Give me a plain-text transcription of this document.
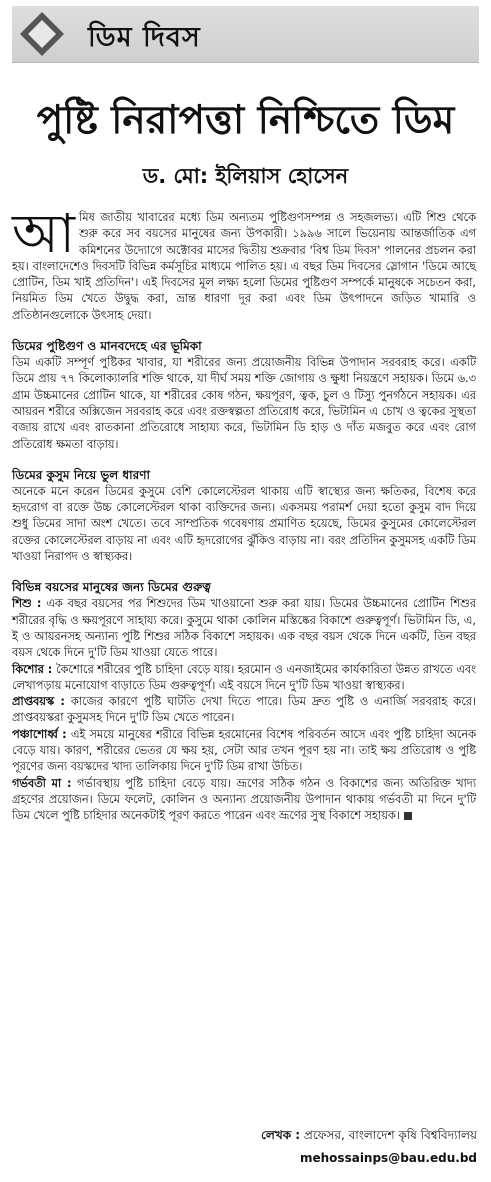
ডিম দিবস
পুষ্টি নিরাপত্তা নিশ্চিতে ডিম
ড. মো: ইলিয়াস হোসেন

আমিষ জাতীয় খাবারের মধ্যে ডিম অন্যতম পুষ্টিগুণসম্পন্ন ও সহজলভ্য। এটি শিশু থেকে শুরু করে সব বয়সের মানুষের জন্য উপকারী। ১৯৯৬ সালে ভিয়েনায় আন্তর্জাতিক এগ কমিশনের উদ্যোগে অক্টোবর মাসের দ্বিতীয় শুক্রবার 'বিশ্ব ডিম দিবস' পালনের প্রচলন করা হয়। বাংলাদেশেও দিবসটি বিভিন্ন কর্মসূচির মাধ্যমে পালিত হয়। এ বছর ডিম দিবসের স্লোগান 'ডিমে আছে প্রোটিন, ডিম খাই প্রতিদিন'। এই দিবসের মূল লক্ষ্য হলো ডিমের পুষ্টিগুণ সম্পর্কে মানুষকে সচেতন করা, নিয়মিত ডিম খেতে উদ্বুদ্ধ করা, ভ্রান্ত ধারণা দূর করা এবং ডিম উৎপাদনে জড়িত খামারি ও প্রতিষ্ঠানগুলোকে উৎসাহ দেয়া।

ডিমের পুষ্টিগুণ ও মানবদেহে এর ভূমিকা

ডিম একটি সম্পূর্ণ পুষ্টিকর খাবার, যা শরীরের জন্য প্রয়োজনীয় বিভিন্ন উপাদান সরবরাহ করে। একটি ডিমে প্রায় ৭৭ কিলোক্যালরি শক্তি থাকে, যা দীর্ঘ সময় শক্তি জোগায় ও ক্ষুধা নিয়ন্ত্রণে সহায়ক। ডিমে ৬.৩ গ্রাম উচ্চমানের প্রোটিন থাকে, যা শরীরের কোষ গঠন, ক্ষয়পূরণ, ত্বক, চুল ও টিস্যু পুনর্গঠনে সহায়ক। এর আয়রন শরীরে অক্সিজেন সরবরাহ করে এবং রক্তস্বল্পতা প্রতিরোধ করে, ভিটামিন এ চোখ ও ত্বকের সুস্থতা বজায় রাখে এবং রাতকানা প্রতিরোধে সাহায্য করে, ভিটামিন ডি হাড় ও দাঁত মজবুত করে এবং রোগ প্রতিরোধ ক্ষমতা বাড়ায়।

ডিমের কুসুম নিয়ে ভুল ধারণা

অনেকে মনে করেন ডিমের কুসুমে বেশি কোলেস্টেরল থাকায় এটি স্বাস্থ্যের জন্য ক্ষতিকর, বিশেষ করে হৃদরোগ বা রক্তে উচ্চ কোলেস্টেরল থাকা ব্যক্তিদের জন্য। একসময় পরামর্শ দেয়া হতো কুসুম বাদ দিয়ে শুধু ডিমের সাদা অংশ খেতে। তবে সাম্প্রতিক গবেষণায় প্রমাণিত হয়েছে, ডিমের কুসুমের কোলেস্টেরল রক্তের কোলেস্টেরল বাড়ায় না এবং এটি হৃদরোগের ঝুঁকিও বাড়ায় না। বরং প্রতিদিন কুসুমসহ একটি ডিম খাওয়া নিরাপদ ও স্বাস্থ্যকর।

বিভিন্ন বয়সের মানুষের জন্য ডিমের গুরুত্ব

শিশু : এক বছর বয়সের পর শিশুদের ডিম খাওয়ানো শুরু করা যায়। ডিমের উচ্চমানের প্রোটিন শিশুর শরীরের বৃদ্ধি ও ক্ষয়পূরণে সাহায্য করে। কুসুমে থাকা কোলিন মস্তিষ্কের বিকাশে গুরুত্বপূর্ণ। ভিটামিন ডি, এ, ই ও আয়রনসহ অন্যান্য পুষ্টি শিশুর সঠিক বিকাশে সহায়ক। এক বছর বয়স থেকে দিনে একটি, তিন বছর বয়স থেকে দিনে দু'টি ডিম খাওয়া যেতে পারে।

কিশোর : কৈশোরে শরীরের পুষ্টি চাহিদা বেড়ে যায়। হরমোন ও এনজাইমের কার্যকারিতা উন্নত রাখতে এবং লেখাপড়ায় মনোযোগ বাড়াতে ডিম গুরুত্বপূর্ণ। এই বয়সে দিনে দু'টি ডিম খাওয়া স্বাস্থ্যকর।

প্রাপ্তবয়স্ক : কাজের কারণে পুষ্টি ঘাটতি দেখা দিতে পারে। ডিম দ্রুত পুষ্টি ও এনার্জি সরবরাহ করে। প্রাপ্তবয়স্করা কুসুমসহ দিনে দু'টি ডিম খেতে পারেন।

পঞ্চাশোর্ধ্ব : এই সময়ে মানুষের শরীরে বিভিন্ন হরমোনের বিশেষ পরিবর্তন আসে এবং পুষ্টি চাহিদা অনেক বেড়ে যায়। কারণ, শরীরের ভেতর যে ক্ষয় হয়, সেটা আর তখন পূরণ হয় না। তাই ক্ষয় প্রতিরোধ ও পুষ্টি পূরণের জন্য বয়স্কদের খাদ্য তালিকায় দিনে দু'টি ডিম রাখা উচিত।

গর্ভবতী মা : গর্ভাবস্থায় পুষ্টি চাহিদা বেড়ে যায়। ভ্রূণের সঠিক গঠন ও বিকাশের জন্য অতিরিক্ত খাদ্য গ্রহণের প্রয়োজন। ডিমে ফলেট, কোলিন ও অন্যান্য প্রয়োজনীয় উপাদান থাকায় গর্ভবতী মা দিনে দু'টি ডিম খেলে পুষ্টি চাহিদার অনেকটাই পূরণ করতে পারেন এবং ভ্রূণের সুস্থ বিকাশে সহায়ক।

লেখক : প্রফেসর, বাংলাদেশ কৃষি বিশ্ববিদ্যালয়
mehossainps@bau.edu.bd
